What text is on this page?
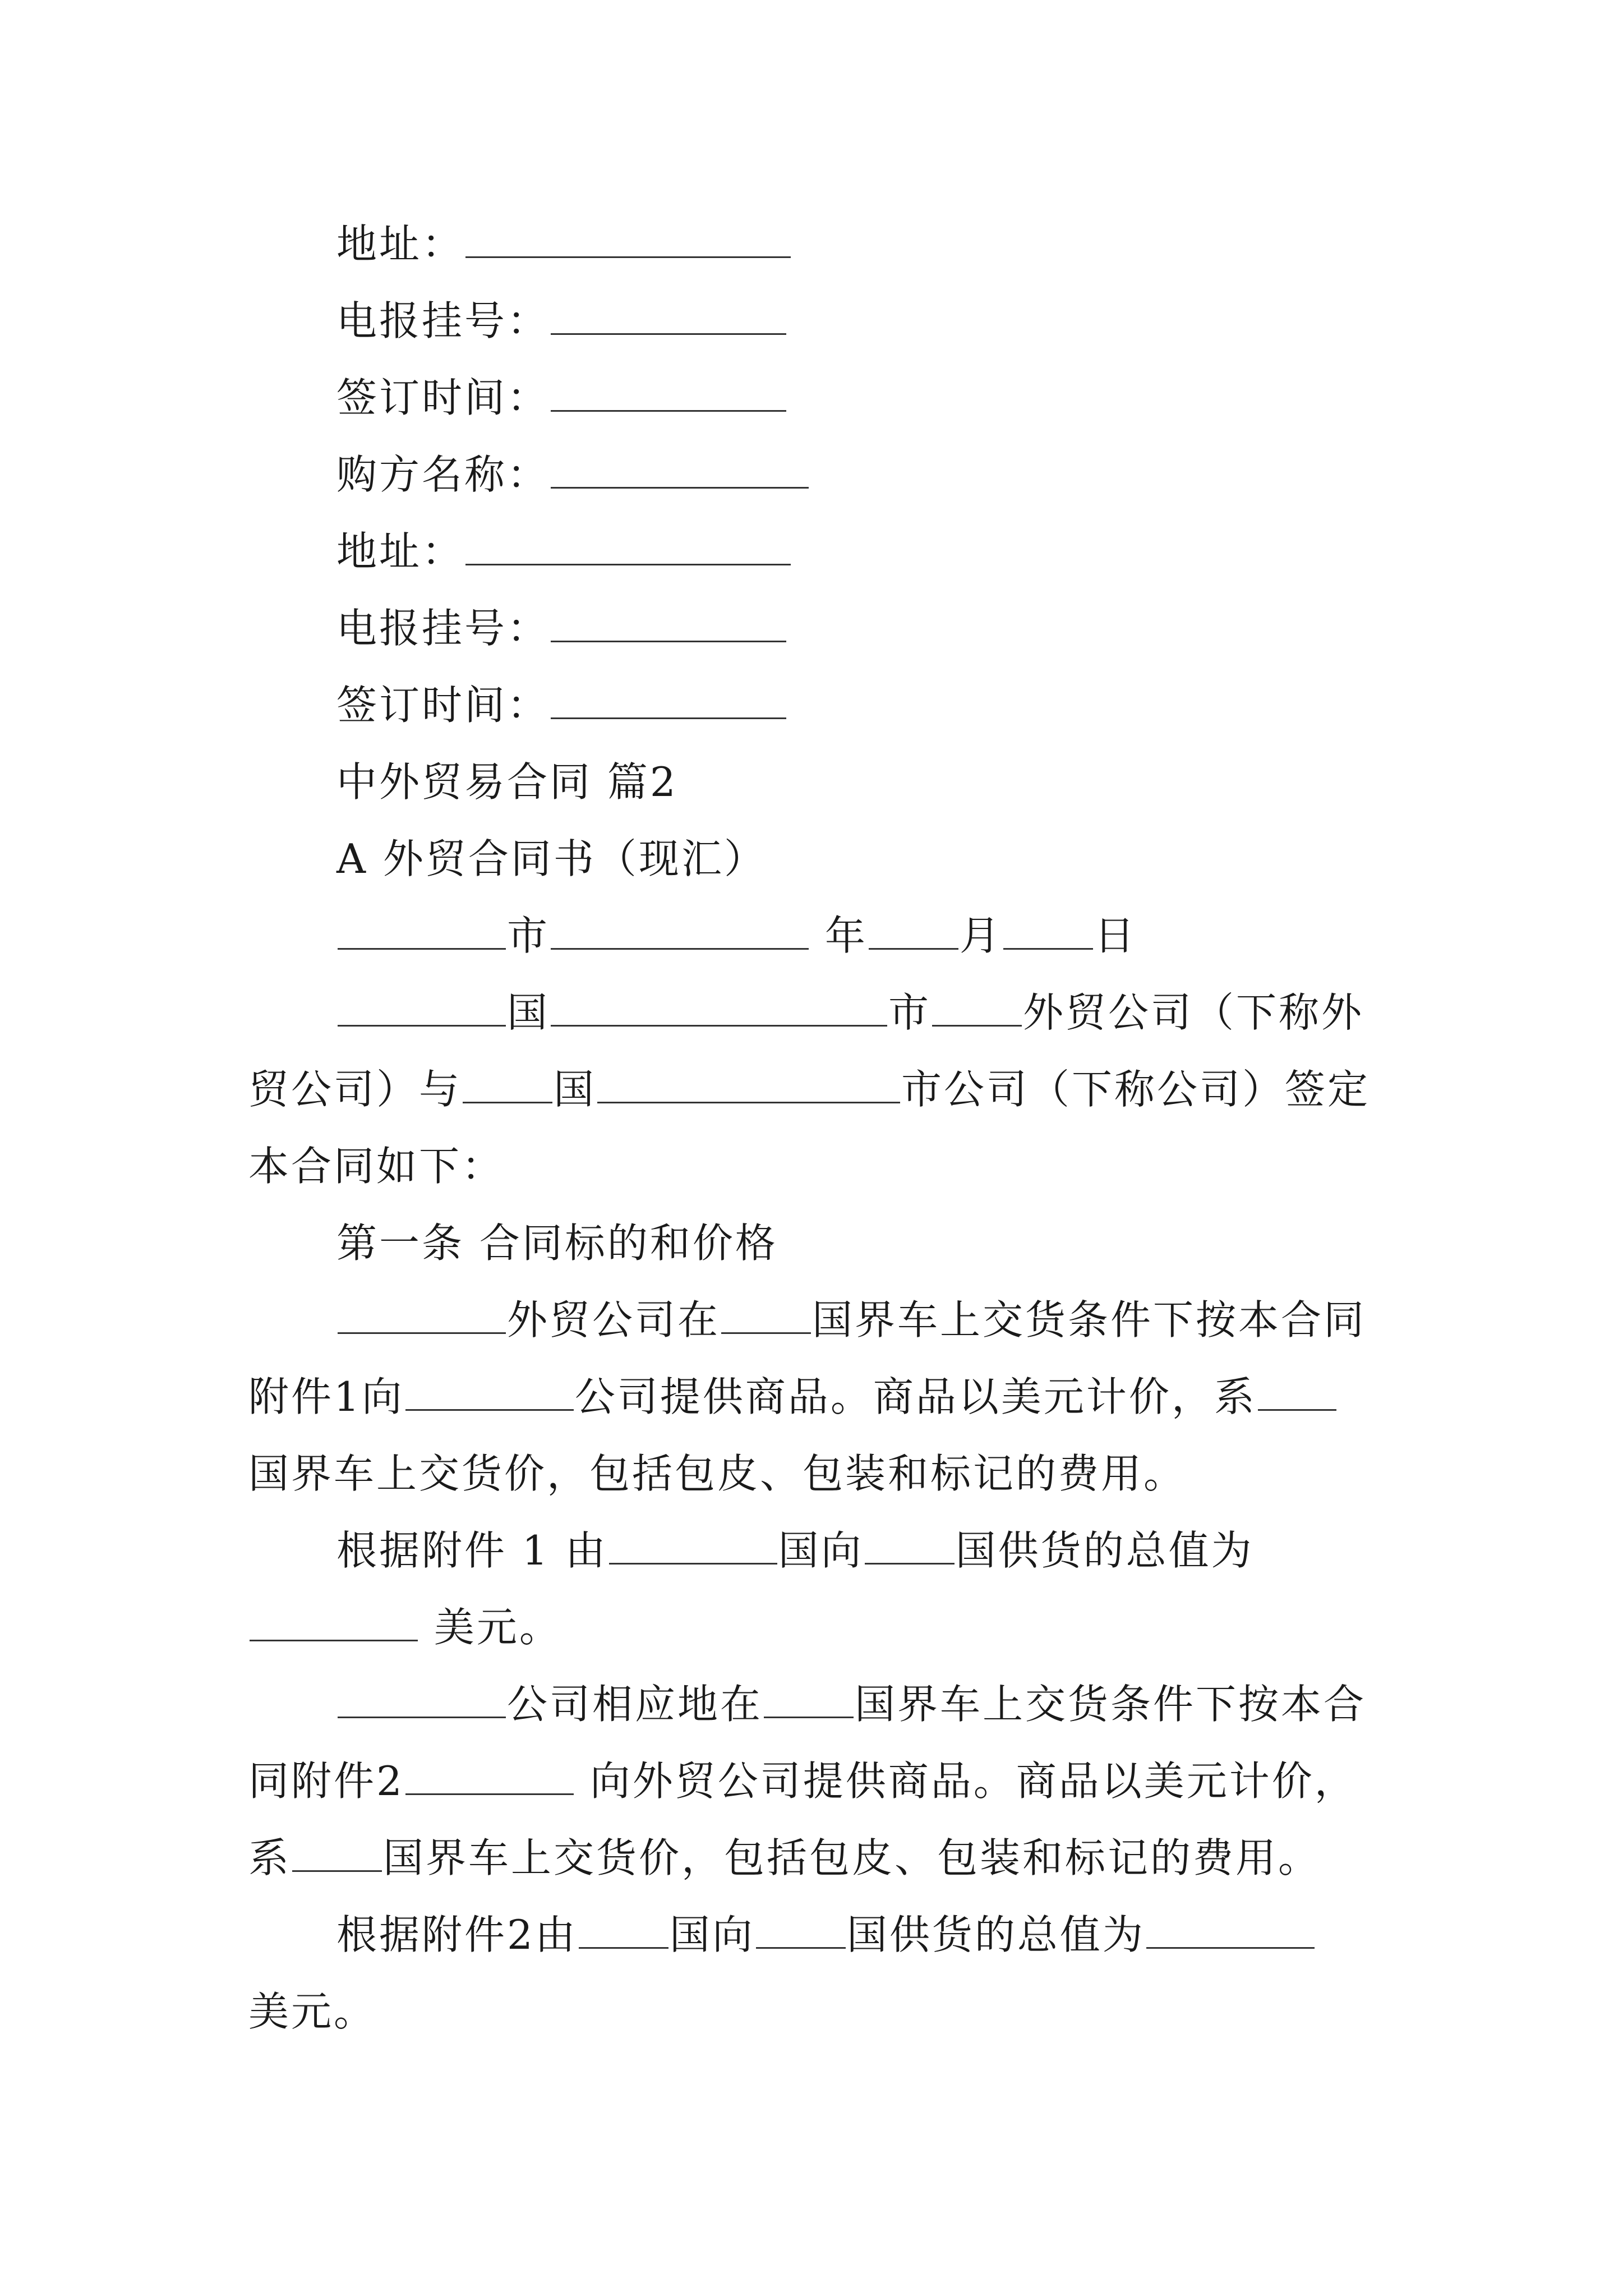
地址：
电报挂号：
签订时间：
购方名称：
地址：
电报挂号：
签订时间：
中外贸易合同 篇2
A 外贸合同书（现汇）
市	年 月 日
国	市 外贸公司（下称外
贸公司）与 国	市公司（下称公司）签定
本合同如下：
第一条 合同标的和价格
外贸公司在 国界车上交货条件下按本合同
附件1向	公司提供商品。商品以美元计价，系
国界车上交货价，包括包皮、包装和标记的费用。
根据附件 1 由	国向 国供货的总值为
美元。
公司相应地在 国界车上交货条件下按本合
同附件2	向外贸公司提供商品。商品以美元计价，
系 国界车上交货价，包括包皮、包装和标记的费用。
根据附件2由 国向 国供货的总值为
美元。
